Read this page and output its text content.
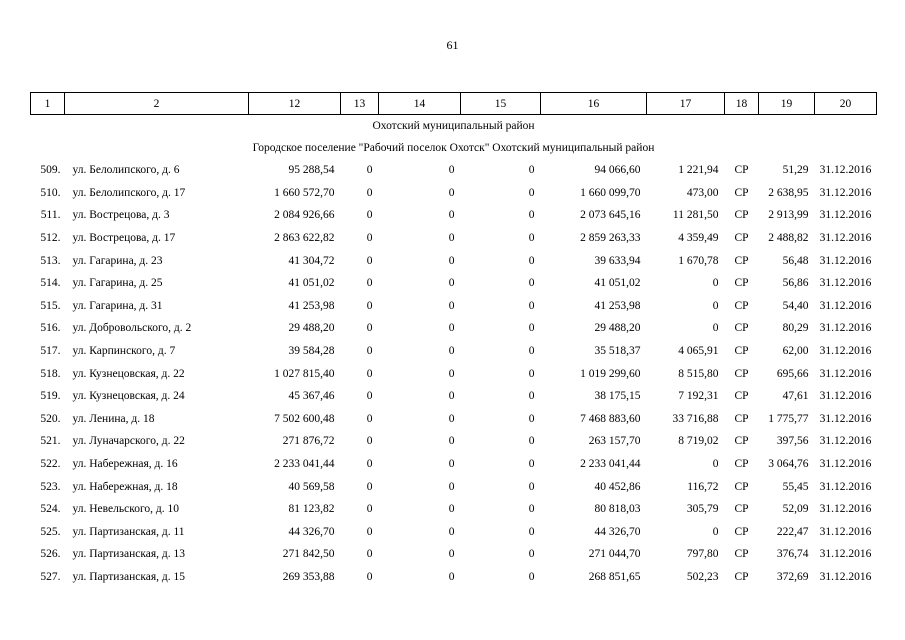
61
1	2	12	13	14	15	16	17	18	19	20
Охотский муниципальный район										
Городское поселение "Рабочий поселок Охотск" Охотский муниципальный район										
509.	ул. Белолипского, д. 6	95 288,54	0	0	0	94 066,60	1 221,94	СР	51,29	31.12.2016
510.	ул. Белолипского, д. 17	1 660 572,70	0	0	0	1 660 099,70	473,00	СР	2 638,95	31.12.2016
511.	ул. Вострецова, д. 3	2 084 926,66	0	0	0	2 073 645,16	11 281,50	СР	2 913,99	31.12.2016
512.	ул. Вострецова, д. 17	2 863 622,82	0	0	0	2 859 263,33	4 359,49	СР	2 488,82	31.12.2016
513.	ул. Гагарина, д. 23	41 304,72	0	0	0	39 633,94	1 670,78	СР	56,48	31.12.2016
514.	ул. Гагарина, д. 25	41 051,02	0	0	0	41 051,02	0	СР	56,86	31.12.2016
515.	ул. Гагарина, д. 31	41 253,98	0	0	0	41 253,98	0	СР	54,40	31.12.2016
516.	ул. Добровольского, д. 2	29 488,20	0	0	0	29 488,20	0	СР	80,29	31.12.2016
517.	ул. Карпинского, д. 7	39 584,28	0	0	0	35 518,37	4 065,91	СР	62,00	31.12.2016
518.	ул. Кузнецовская, д. 22	1 027 815,40	0	0	0	1 019 299,60	8 515,80	СР	695,66	31.12.2016
519.	ул. Кузнецовская, д. 24	45 367,46	0	0	0	38 175,15	7 192,31	СР	47,61	31.12.2016
520.	ул. Ленина, д. 18	7 502 600,48	0	0	0	7 468 883,60	33 716,88	СР	1 775,77	31.12.2016
521.	ул. Луначарского, д. 22	271 876,72	0	0	0	263 157,70	8 719,02	СР	397,56	31.12.2016
522.	ул. Набережная, д. 16	2 233 041,44	0	0	0	2 233 041,44	0	СР	3 064,76	31.12.2016
523.	ул. Набережная, д. 18	40 569,58	0	0	0	40 452,86	116,72	СР	55,45	31.12.2016
524.	ул. Невельского, д. 10	81 123,82	0	0	0	80 818,03	305,79	СР	52,09	31.12.2016
525.	ул. Партизанская, д. 11	44 326,70	0	0	0	44 326,70	0	СР	222,47	31.12.2016
526.	ул. Партизанская, д. 13	271 842,50	0	0	0	271 044,70	797,80	СР	376,74	31.12.2016
527.	ул. Партизанская, д. 15	269 353,88	0	0	0	268 851,65	502,23	СР	372,69	31.12.2016
